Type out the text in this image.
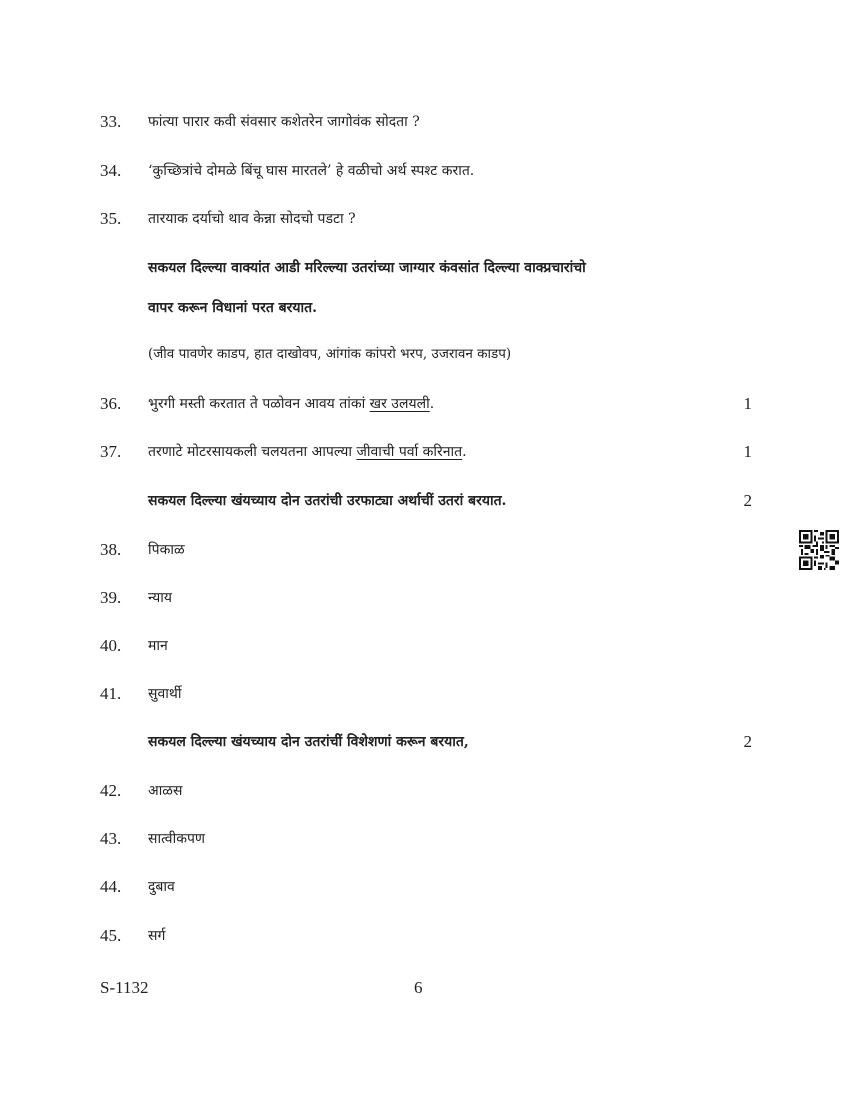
33. फांत्या पारार कवी संवसार कशेतरेन जागोवंक सोदता ?
34. ‘कुच्छित्रांचे दोमळे बिंचू घास मारतले’ हे वळीचो अर्थ स्पश्ट करात.
35. तारयाक दर्याचो थाव केन्ना सोदचो पडटा ?
सकयल दिल्ल्या वाक्यांत आडी मरिल्ल्या उतरांच्या जाग्यार कंवसांत दिल्ल्या वाक्प्रचारांचो
वापर करून विधानां परत बरयात.
(जीव पावणेर काडप, हात दाखोवप, आंगांक कांपरो भरप, उजरावन काडप)
36. भुरगी मस्ती करतात ते पळोवन आवय तांकां खर उलयली.	1
37. तरणाटे मोटरसायकली चलयतना आपल्या जीवाची पर्वा करिनात.	1
सकयल दिल्ल्या खंयच्याय दोन उतरांची उरफाट्या अर्थाचीं उतरां बरयात.	2
38. पिकाळ
39. न्याय
40. मान
41. सुवार्थी
सकयल दिल्ल्या खंयच्याय दोन उतरांचीं विशेशणां करून बरयात,	2
42. आळस
43. सात्वीकपण
44. दुबाव
45. सर्ग
S-1132	6
